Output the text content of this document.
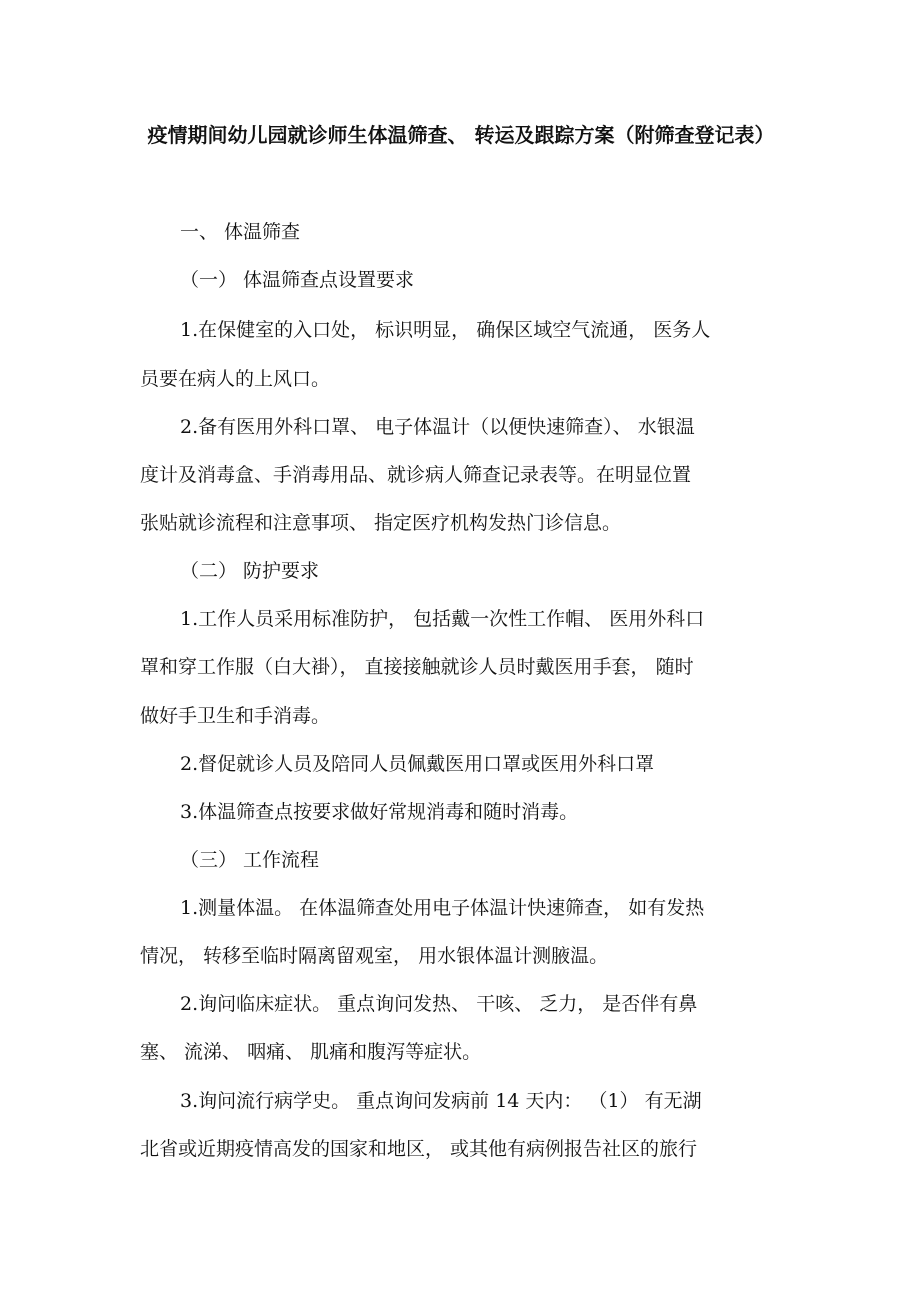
疫情期间幼儿园就诊师生体温筛查、 转运及跟踪方案（附筛查登记表）
一、 体温筛查
（一） 体温筛查点设置要求
1.在保健室的入口处， 标识明显， 确保区域空气流通， 医务人
员要在病人的上风口。
2.备有医用外科口罩、 电子体温计（以便快速筛查）、 水银温
度计及消毒盒、手消毒用品、就诊病人筛查记录表等。在明显位置
张贴就诊流程和注意事项、 指定医疗机构发热门诊信息。
（二） 防护要求
1.工作人员采用标准防护， 包括戴一次性工作帽、 医用外科口
罩和穿工作服（白大褂）， 直接接触就诊人员时戴医用手套， 随时
做好手卫生和手消毒。
2.督促就诊人员及陪同人员佩戴医用口罩或医用外科口罩
3.体温筛查点按要求做好常规消毒和随时消毒。
（三） 工作流程
1.测量体温。 在体温筛查处用电子体温计快速筛查， 如有发热
情况， 转移至临时隔离留观室， 用水银体温计测腋温。
2.询问临床症状。 重点询问发热、 干咳、 乏力， 是否伴有鼻
塞、 流涕、 咽痛、 肌痛和腹泻等症状。
3.询问流行病学史。 重点询问发病前 14 天内： （1） 有无湖
北省或近期疫情高发的国家和地区， 或其他有病例报告社区的旅行
